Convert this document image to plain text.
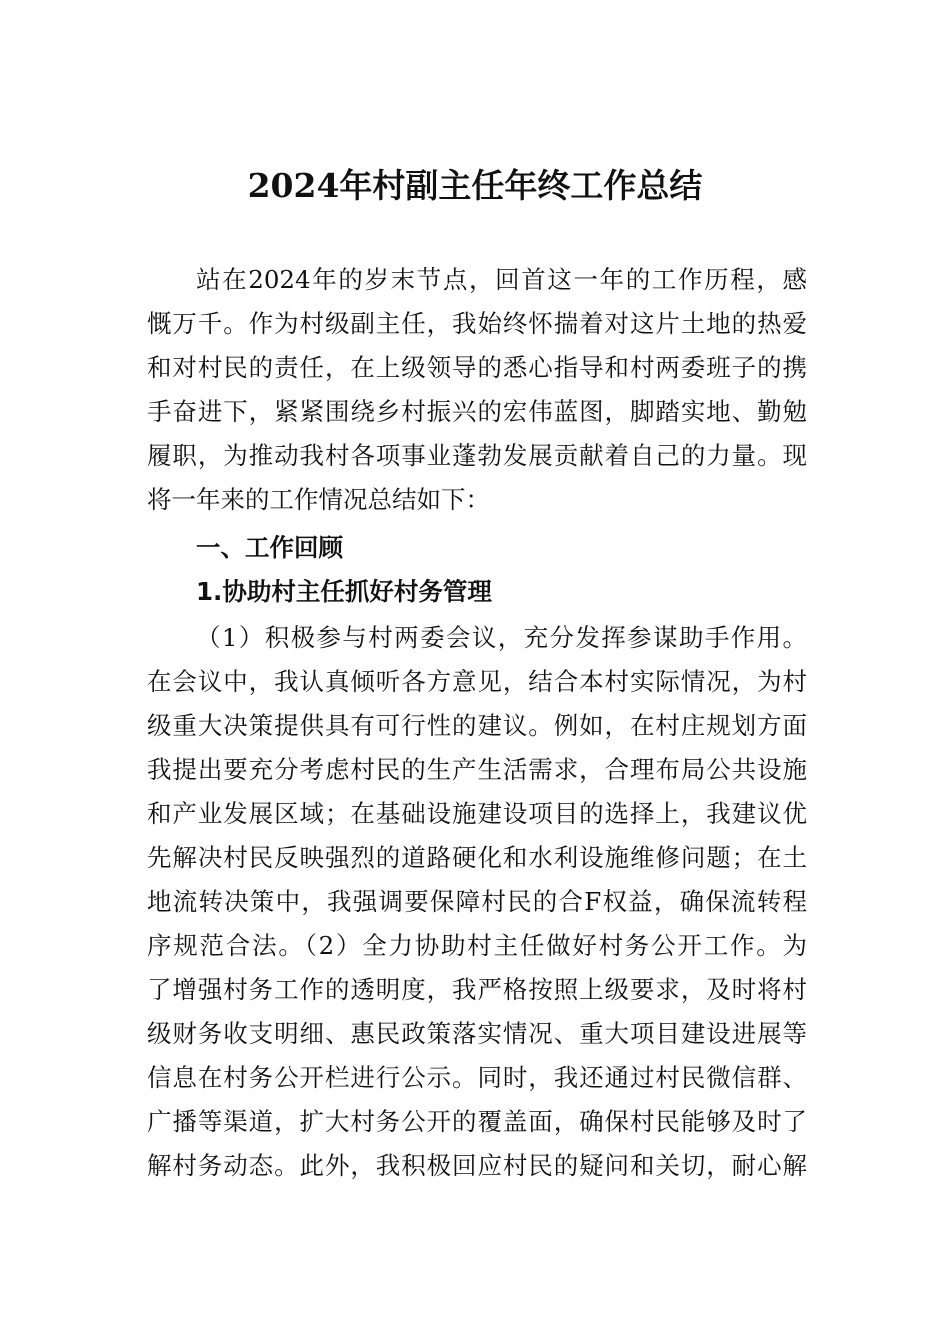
2024年村副主任年终工作总结
站在2024年的岁末节点，回首这一年的工作历程，感
慨万千。作为村级副主任，我始终怀揣着对这片土地的热爱
和对村民的责任，在上级领导的悉心指导和村两委班子的携
手奋进下，紧紧围绕乡村振兴的宏伟蓝图，脚踏实地、勤勉
履职，为推动我村各项事业蓬勃发展贡献着自己的力量。现
将一年来的工作情况总结如下：
一、工作回顾
1.协助村主任抓好村务管理
（1）积极参与村两委会议，充分发挥参谋助手作用。
在会议中，我认真倾听各方意见，结合本村实际情况，为村
级重大决策提供具有可行性的建议。例如，在村庄规划方面
我提出要充分考虑村民的生产生活需求，合理布局公共设施
和产业发展区域；在基础设施建设项目的选择上，我建议优
先解决村民反映强烈的道路硬化和水利设施维修问题；在土
地流转决策中，我强调要保障村民的合F权益，确保流转程
序规范合法。（2）全力协助村主任做好村务公开工作。为
了增强村务工作的透明度，我严格按照上级要求，及时将村
级财务收支明细、惠民政策落实情况、重大项目建设进展等
信息在村务公开栏进行公示。同时，我还通过村民微信群、
广播等渠道，扩大村务公开的覆盖面，确保村民能够及时了
解村务动态。此外，我积极回应村民的疑问和关切，耐心解
